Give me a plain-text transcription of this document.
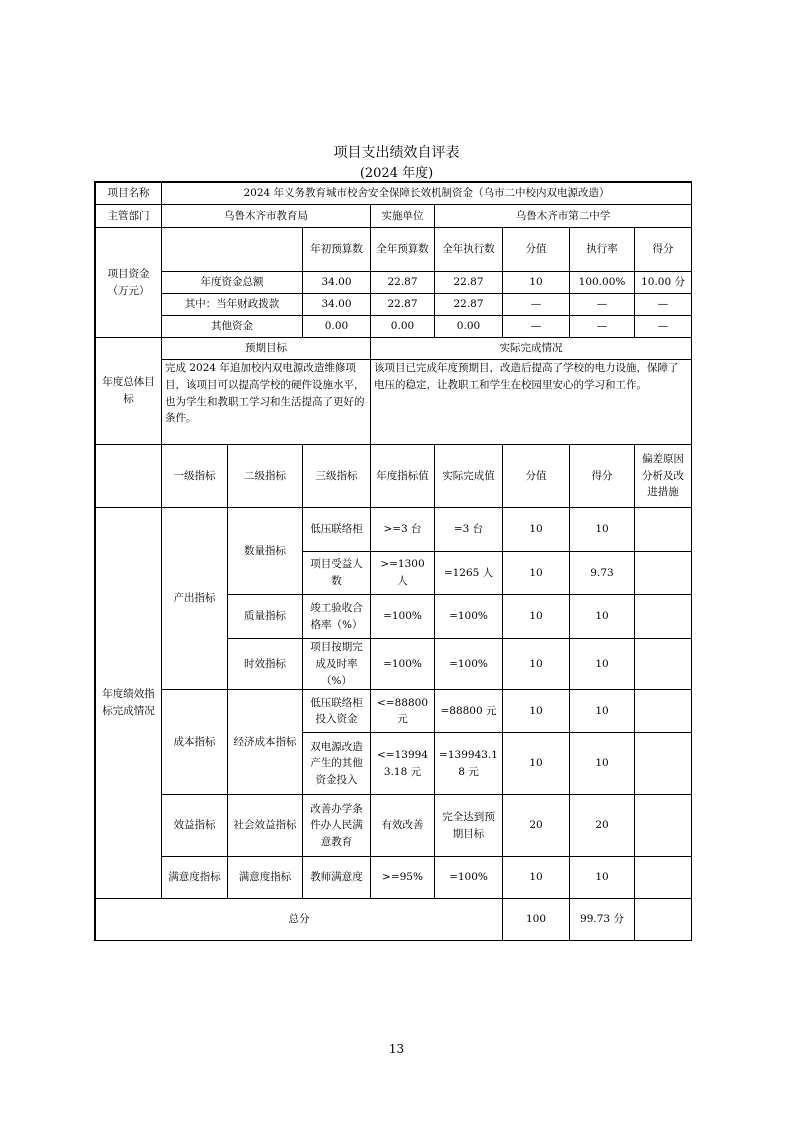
项目支出绩效自评表
(2024 年度)
项目名称	2024 年义务教育城市校舍安全保障长效机制资金（乌市二中校内双电源改造）							
主管部门	乌鲁木齐市教育局			实施单位	乌鲁木齐市第二中学			
项目资金（万元）			年初预算数	全年预算数	全年执行数	分值	执行率	得分
	年度资金总额		34.00	22.87	22.87	10	100.00%	10.00 分
	其中：当年财政拨款		34.00	22.87	22.87	—	—	—
	其他资金		0.00	0.00	0.00	—	—	—
年度总体目标	预期目标			实际完成情况				
	完成 2024 年追加校内双电源改造维修项目，该项目可以提高学校的硬件设施水平，也为学生和教职工学习和生活提高了更好的条件。			该项目已完成年度预期目，改造后提高了学校的电力设施，保障了电压的稳定，让教职工和学生在校园里安心的学习和工作。				
	一级指标	二级指标	三级指标	年度指标值	实际完成值	分值	得分	偏差原因分析及改进措施
年度绩效指标完成情况	产出指标	数量指标	低压联络柜	>=3 台	=3 台	10	10	
			项目受益人数	>=1300 人	=1265 人	10	9.73	
		质量指标	竣工验收合格率（%）	=100%	=100%	10	10	
		时效指标	项目按期完成及时率（%）	=100%	=100%	10	10	
	成本指标	经济成本指标	低压联络柜投入资金	<=88800 元	=88800 元	10	10	
			双电源改造产生的其他资金投入	<=139943.18 元	=139943.18 元	10	10	
	效益指标	社会效益指标	改善办学条件办人民满意教育	有效改善	完全达到预期目标	20	20	
	满意度指标	满意度指标	教师满意度	>=95%	=100%	10	10	
总分						100	99.73 分	
13
